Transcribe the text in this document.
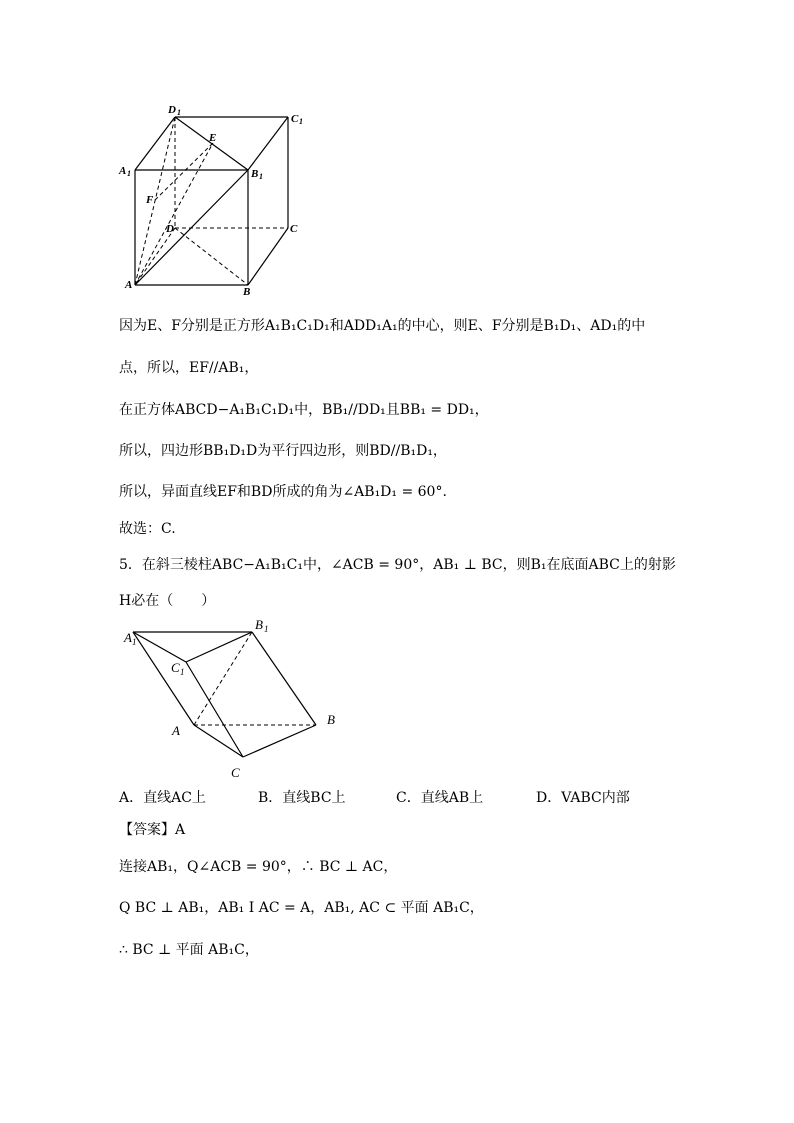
D 1
C 1
A 1	B 1
E
F
D	C
A
B
因为E、F分别是正方形A₁B₁C₁D₁和ADD₁A₁的中心，则E、F分别是B₁D₁、AD₁的中
点，所以，EF//AB₁，
在正方体ABCD−A₁B₁C₁D₁中，BB₁//DD₁且BB₁ = DD₁，
所以，四边形BB₁D₁D为平行四边形，则BD//B₁D₁，
所以，异面直线EF和BD所成的角为∠AB₁D₁ = 60°.
故选：C.
5．在斜三棱柱ABC−A₁B₁C₁中，∠ACB = 90°，AB₁ ⊥ BC，则B₁在底面ABC上的射影
H必在（　　）
A 1
B 1
C 1
A
B
C
A．直线AC上	B．直线BC上	C．直线AB上	D．VABC内部
【答案】A
连接AB₁，Q∠ACB = 90°，∴ BC ⊥ AC，
Q BC ⊥ AB₁，AB₁ I AC = A，AB₁, AC ⊂ 平面 AB₁C，
∴ BC ⊥ 平面 AB₁C，
